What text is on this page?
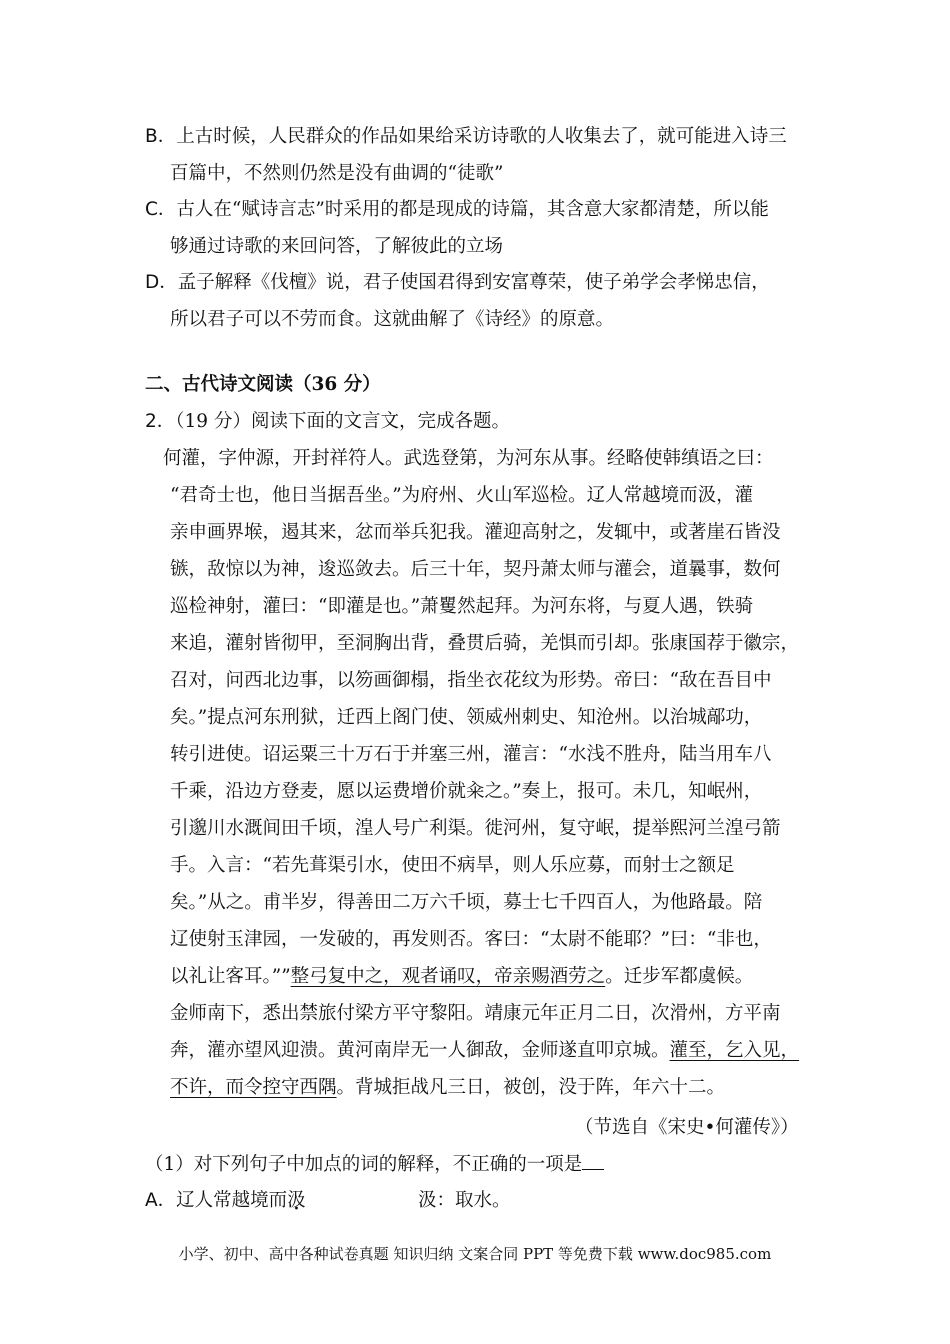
B．上古时候，人民群众的作品如果给采访诗歌的人收集去了，就可能进入诗三
百篇中，不然则仍然是没有曲调的“徒歌”
C．古人在“赋诗言志”时采用的都是现成的诗篇，其含意大家都清楚，所以能
够通过诗歌的来回问答，了解彼此的立场
D．孟子解释《伐檀》说，君子使国君得到安富尊荣，使子弟学会孝悌忠信，
所以君子可以不劳而食。这就曲解了《诗经》的原意。
二、古代诗文阅读（36 分）
2．（19 分）阅读下面的文言文，完成各题。
何灌，字仲源，开封祥符人。武选登第，为河东从事。经略使韩缜语之曰：
“君奇士也，他日当据吾坐。”为府州、火山军巡检。辽人常越境而汲，灌
亲申画界堠，遏其来，忿而举兵犯我。灌迎高射之，发辄中，或著崖石皆没
镞，敌惊以为神，逡巡敛去。后三十年，契丹萧太师与灌会，道曩事，数何
巡检神射，灌曰：“即灌是也。”萧矍然起拜。为河东将，与夏人遇，铁骑
来追，灌射皆彻甲，至洞胸出背，叠贯后骑，羌惧而引却。张康国荐于徽宗，
召对，问西北边事，以笏画御榻，指坐衣花纹为形势。帝曰：“敌在吾目中
矣。”提点河东刑狱，迁西上阁门使、领威州刺史、知沧州。以治城鄗功，
转引进使。诏运粟三十万石于并塞三州，灌言：“水浅不胜舟，陆当用车八
千乘，沿边方登麦，愿以运费增价就籴之。”奏上，报可。未几，知岷州，
引邈川水溉间田千顷，湟人号广利渠。徙河州，复守岷，提举熙河兰湟弓箭
手。入言：“若先葺渠引水，使田不病旱，则人乐应募，而射士之额足
矣。”从之。甫半岁，得善田二万六千顷，募士七千四百人，为他路最。陪
辽使射玉津园，一发破的，再发则否。客曰：“太尉不能耶？”曰：“非也，
以礼让客耳。””整弓复中之，观者诵叹，帝亲赐酒劳之。迁步军都虞候。
金师南下，悉出禁旅付梁方平守黎阳。靖康元年正月二日，次滑州，方平南
奔，灌亦望风迎溃。黄河南岸无一人御敌，金师遂直叩京城。灌至，乞入见，
不许，而令控守西隅。背城拒战凡三日，被创，没于阵，年六十二。
（节选自《宋史•何灌传》）
（1）对下列句子中加点的词的解释，不正确的一项是
A．辽人常越境而汲	汲：取水。
小学、初中、高中各种试卷真题 知识归纳 文案合同 PPT 等免费下载 www.doc985.com
